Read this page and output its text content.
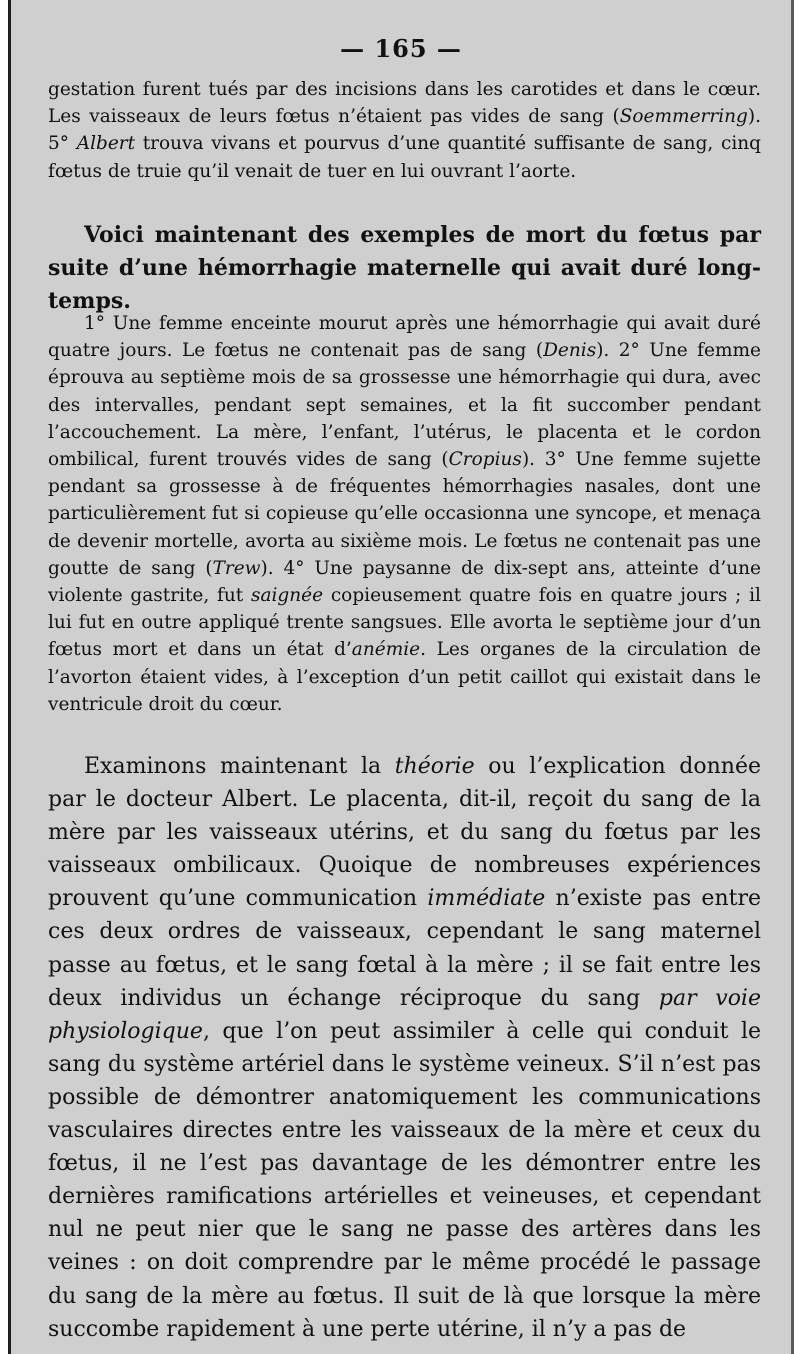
— 165 —

gestation furent tués par des incisions dans les carotides et dans le cœur. Les vaisseaux de leurs fœtus n’étaient pas vides de sang (Soemmerring). 5° Albert trouva vivans et pourvus d’une quantité suffisante de sang, cinq fœtus de truie qu’il venait de tuer en lui ouvrant l’aorte.

Voici maintenant des exemples de mort du fœtus par suite d’une hémorrhagie maternelle qui avait duré long-temps.

1° Une femme enceinte mourut après une hémorrhagie qui avait duré quatre jours. Le fœtus ne contenait pas de sang (Denis). 2° Une femme éprouva au septième mois de sa grossesse une hémorrhagie qui dura, avec des intervalles, pendant sept semaines, et la fit succomber pendant l’accouchement. La mère, l’enfant, l’utérus, le placenta et le cordon ombilical, furent trouvés vides de sang (Cropius). 3° Une femme sujette pendant sa grossesse à de fréquentes hémorrhagies nasales, dont une particulièrement fut si copieuse qu’elle occasionna une syncope, et menaça de devenir mortelle, avorta au sixième mois. Le fœtus ne contenait pas une goutte de sang (Trew). 4° Une paysanne de dix-sept ans, atteinte d’une violente gastrite, fut saignée copieusement quatre fois en quatre jours ; il lui fut en outre appliqué trente sangsues. Elle avorta le septième jour d’un fœtus mort et dans un état d’anémie. Les organes de la circulation de l’avorton étaient vides, à l’exception d’un petit caillot qui existait dans le ventricule droit du cœur.

Examinons maintenant la théorie ou l’explication donnée par le docteur Albert. Le placenta, dit-il, reçoit du sang de la mère par les vaisseaux utérins, et du sang du fœtus par les vaisseaux ombilicaux. Quoique de nombreuses expériences prouvent qu’une communication immédiate n’existe pas entre ces deux ordres de vaisseaux, cependant le sang maternel passe au fœtus, et le sang fœtal à la mère ; il se fait entre les deux individus un échange réciproque du sang par voie physiologique, que l’on peut assimiler à celle qui conduit le sang du système artériel dans le système veineux. S’il n’est pas possible de démontrer anatomiquement les communications vasculaires directes entre les vaisseaux de la mère et ceux du fœtus, il ne l’est pas davantage de les démontrer entre les dernières ramifications artérielles et veineuses, et cependant nul ne peut nier que le sang ne passe des artères dans les veines : on doit comprendre par le même procédé le passage du sang de la mère au fœtus. Il suit de là que lorsque la mère succombe rapidement à une perte utérine, il n’y a pas de
